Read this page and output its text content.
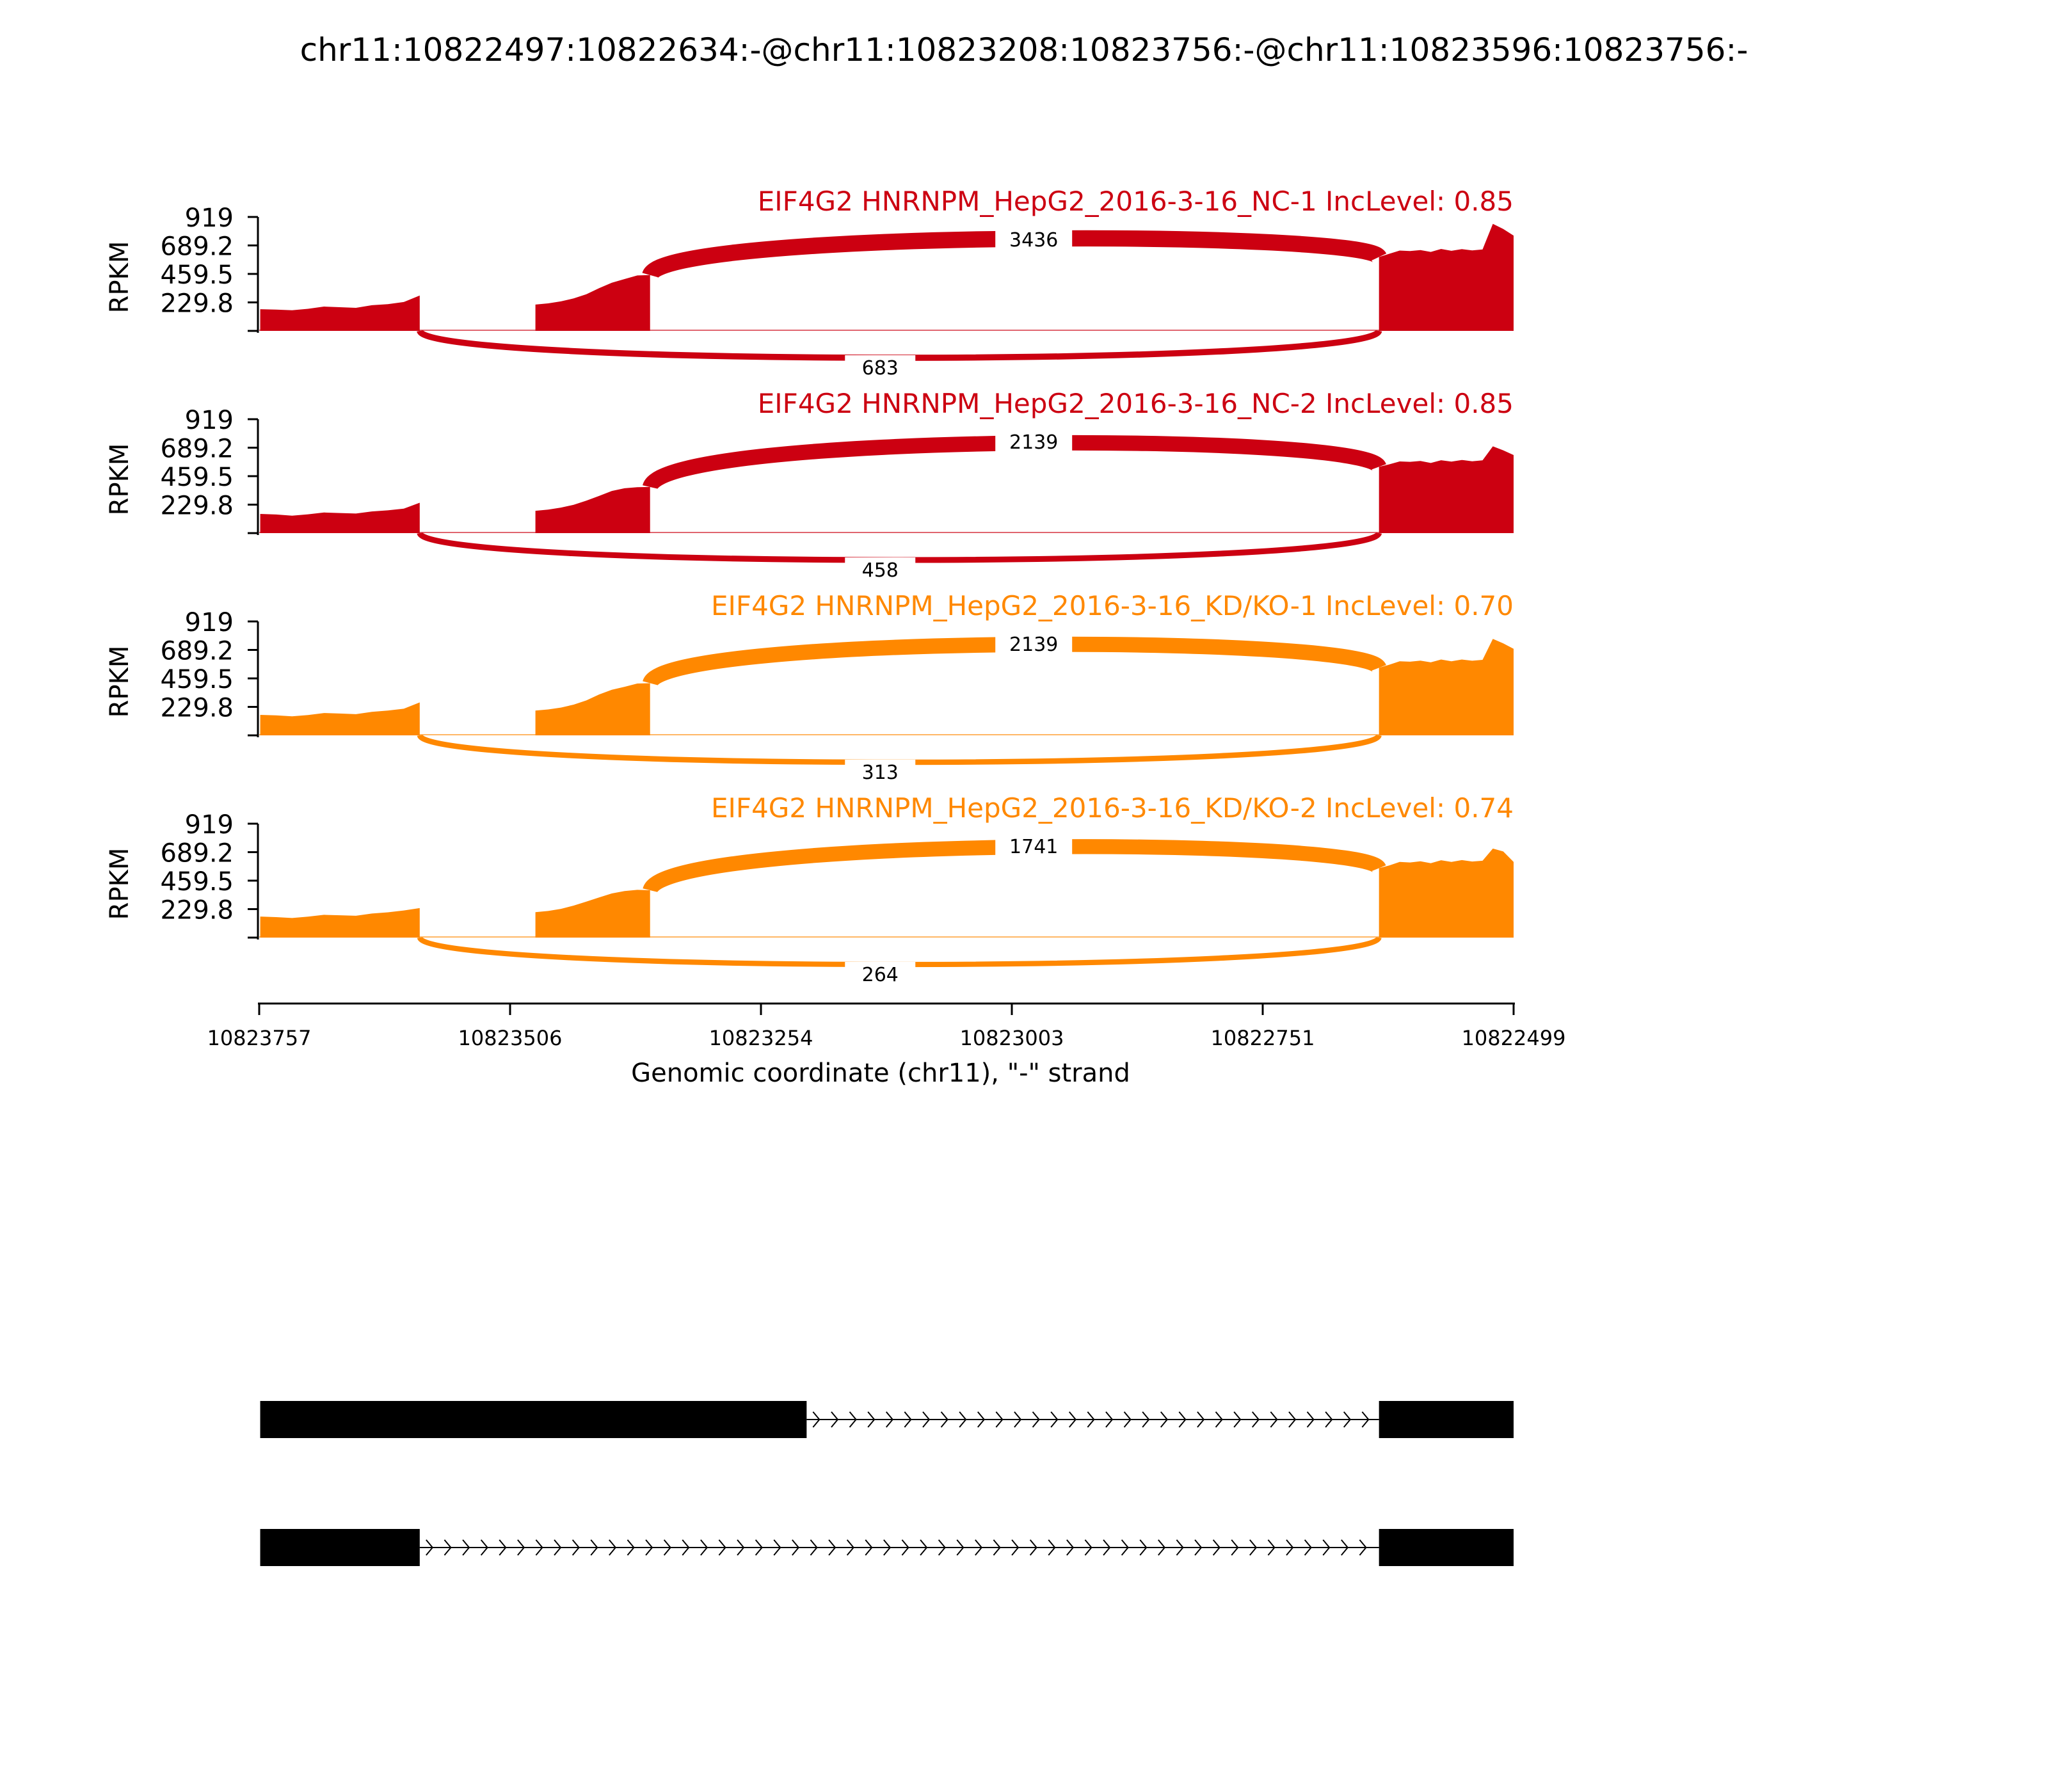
chr11:10822497:10822634:-@chr11:10823208:10823756:-@chr11:10823596:10823756:-
919
689.2
459.5
229.8
RPKM
EIF4G2 HNRNPM_HepG2_2016-3-16_NC-1 IncLevel: 0.85
3436
683
919
689.2
459.5
229.8
RPKM
EIF4G2 HNRNPM_HepG2_2016-3-16_NC-2 IncLevel: 0.85
2139
458
919
689.2
459.5
229.8
RPKM
EIF4G2 HNRNPM_HepG2_2016-3-16_KD/KO-1 IncLevel: 0.70
2139
313
919
689.2
459.5
229.8
RPKM
EIF4G2 HNRNPM_HepG2_2016-3-16_KD/KO-2 IncLevel: 0.74
1741
264
10823757	10823506	10823254	10823003	10822751	10822499
Genomic coordinate (chr11), "-" strand
